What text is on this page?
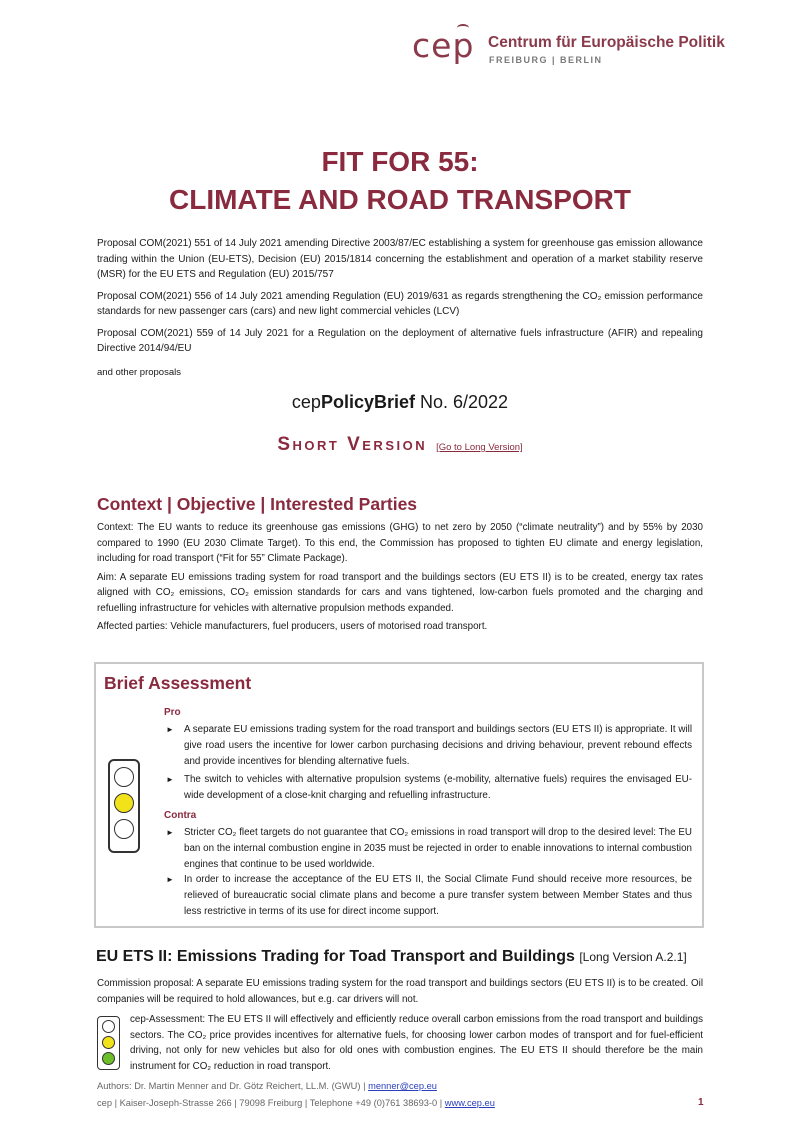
cep Centrum für Europäische Politik
FREIBURG | BERLIN
FIT FOR 55:
CLIMATE AND ROAD TRANSPORT

Proposal COM(2021) 551 of 14 July 2021 amending Directive 2003/87/EC establishing a system for greenhouse gas emission allowance trading within the Union (EU-ETS), Decision (EU) 2015/1814 concerning the establishment and operation of a market stability reserve (MSR) for the EU ETS and Regulation (EU) 2015/757

Proposal COM(2021) 556 of 14 July 2021 amending Regulation (EU) 2019/631 as regards strengthening the CO₂ emission performance standards for new passenger cars (cars) and new light commercial vehicles (LCV)

Proposal COM(2021) 559 of 14 July 2021 for a Regulation on the deployment of alternative fuels infrastructure (AFIR) and repealing Directive 2014/94/EU

and other proposals

cepPolicyBrief No. 6/2022
Short Version [Go to Long Version]
Context | Objective | Interested Parties

Context: The EU wants to reduce its greenhouse gas emissions (GHG) to net zero by 2050 (“climate neutrality”) and by 55% by 2030 compared to 1990 (EU 2030 Climate Target). To this end, the Commission has proposed to tighten EU climate and energy legislation, including for road transport (“Fit for 55” Climate Package).

Aim: A separate EU emissions trading system for road transport and the buildings sectors (EU ETS II) is to be created, energy tax rates aligned with CO₂ emissions, CO₂ emission standards for cars and vans tightened, low-carbon fuels promoted and the charging and refuelling infrastructure for vehicles with alternative propulsion methods expanded.

Affected parties: Vehicle manufacturers, fuel producers, users of motorised road transport.

Brief Assessment
Pro
► A separate EU emissions trading system for the road transport and buildings sectors (EU ETS II) is appropriate. It will give road users the incentive for lower carbon purchasing decisions and driving behaviour, prevent rebound effects and provide incentives for blending alternative fuels.
► The switch to vehicles with alternative propulsion systems (e-mobility, alternative fuels) requires the envisaged EU-wide development of a close-knit charging and refuelling infrastructure.
Contra
► Stricter CO₂ fleet targets do not guarantee that CO₂ emissions in road transport will drop to the desired level: The EU ban on the internal combustion engine in 2035 must be rejected in order to enable innovations to internal combustion engines that continue to be used worldwide.
► In order to increase the acceptance of the EU ETS II, the Social Climate Fund should receive more resources, be relieved of bureaucratic social climate plans and become a pure transfer system between Member States and thus less restrictive in terms of its use for direct income support.
EU ETS II: Emissions Trading for Toad Transport and Buildings [Long Version A.2.1]
Commission proposal: A separate EU emissions trading system for the road transport and buildings sectors (EU ETS II) is to be created. Oil companies will be required to hold allowances, but e.g. car drivers will not.
cep-Assessment: The EU ETS II will effectively and efficiently reduce overall carbon emissions from the road transport and buildings sectors. The CO₂ price provides incentives for alternative fuels, for choosing lower carbon modes of transport and for fuel-efficient driving, not only for new vehicles but also for old ones with combustion engines. The EU ETS II should therefore be the main instrument for CO₂ reduction in road transport.
Authors: Dr. Martin Menner and Dr. Götz Reichert, LL.M. (GWU) | menner@cep.eu
cep | Kaiser-Joseph-Strasse 266 | 79098 Freiburg | Telephone +49 (0)761 38693-0 | www.cep.eu	1
